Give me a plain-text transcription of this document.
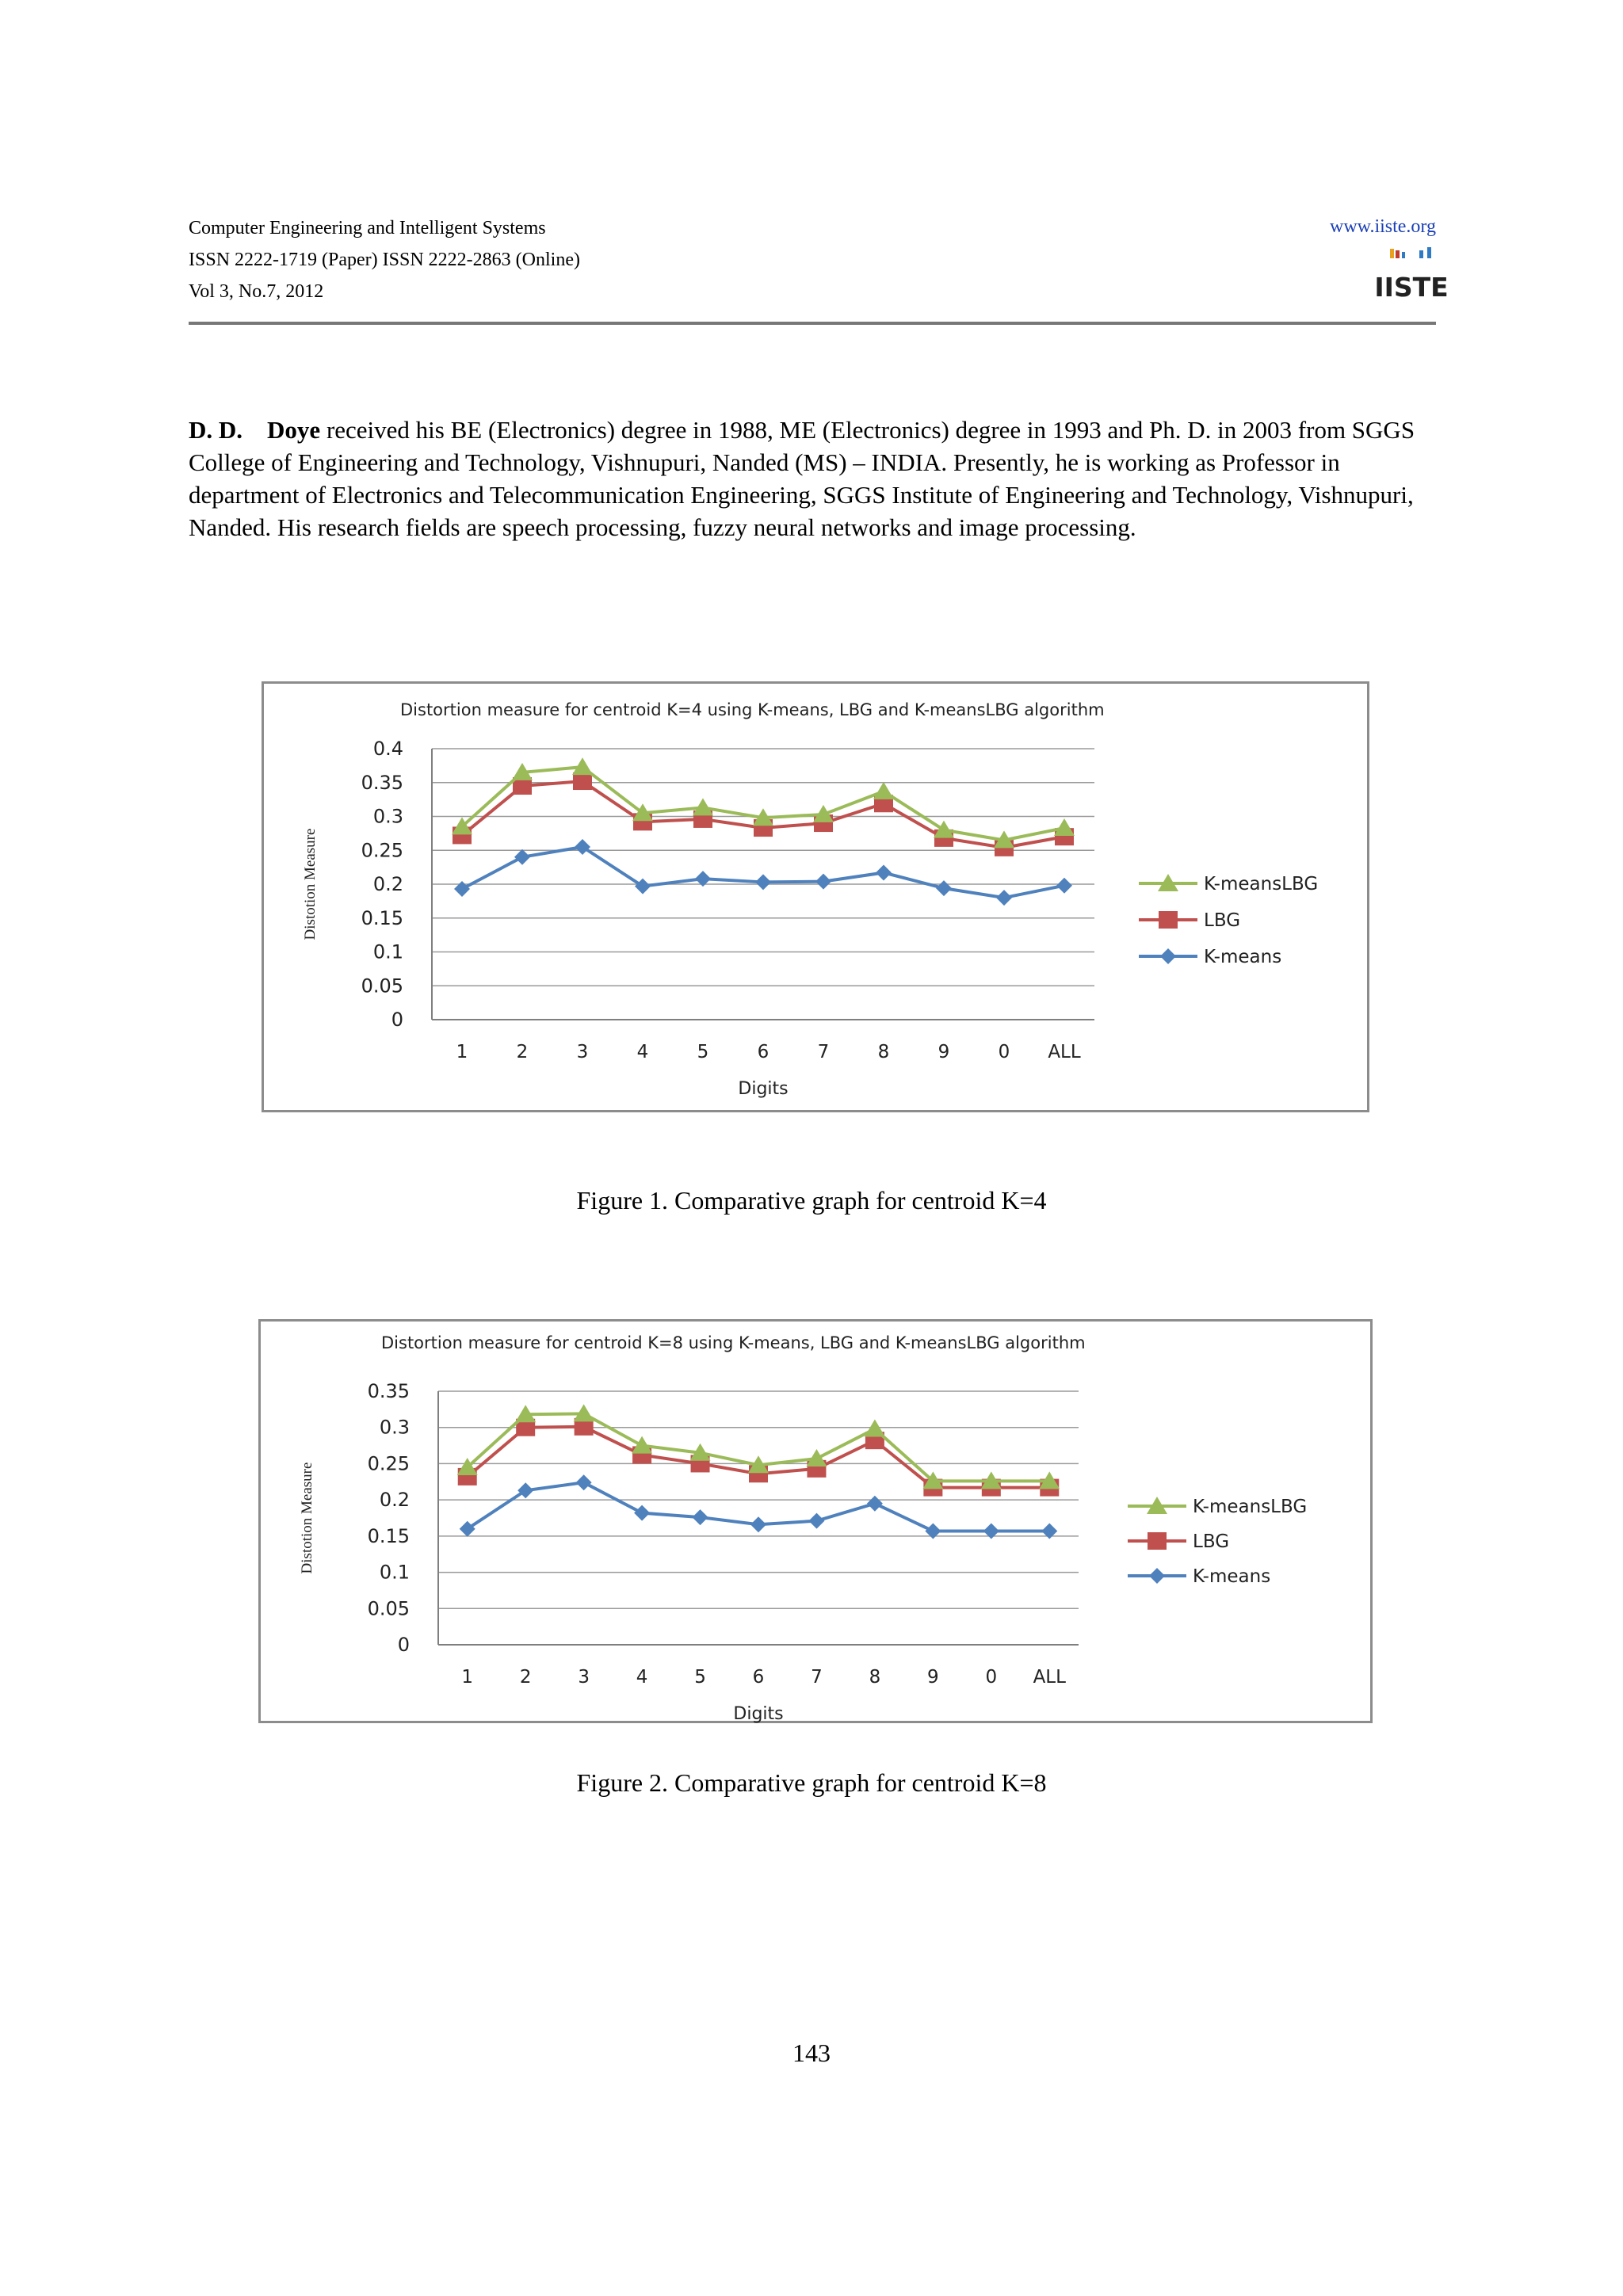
Computer Engineering and Intelligent Systems
ISSN 2222-1719 (Paper) ISSN 2222-2863 (Online)
Vol 3, No.7, 2012
www.iiste.org
IISTE
D. D. Doye received his BE (Electronics) degree in 1988, ME (Electronics) degree in 1993 and Ph. D. in 2003 from SGGS College of Engineering and Technology, Vishnupuri, Nanded (MS) – INDIA. Presently, he is working as Professor in department of Electronics and Telecommunication Engineering, SGGS Institute of Engineering and Technology, Vishnupuri, Nanded. His research fields are speech processing, fuzzy neural networks and image processing.
Distortion measure for centroid K=4 using K-means, LBG and K-meansLBG algorithm
0
0.05
0.1
0.15
0.2
0.25
0.3
0.35
0.4
1	2	3	4	5	6	7	8	9	0 ALL
Digits
Distotion Measure	K-meansLBG
LBG
K-means
Figure 1. Comparative graph for centroid K=4
Distortion measure for centroid K=8 using K-means, LBG and K-meansLBG algorithm
0
0.05
0.1
0.15
0.2
0.25
0.3
0.35
1	2	3	4	5	6	7	8	9	0 ALL
Digits
Distotion Measure	K-meansLBG
LBG
K-means
Figure 2. Comparative graph for centroid K=8
143
